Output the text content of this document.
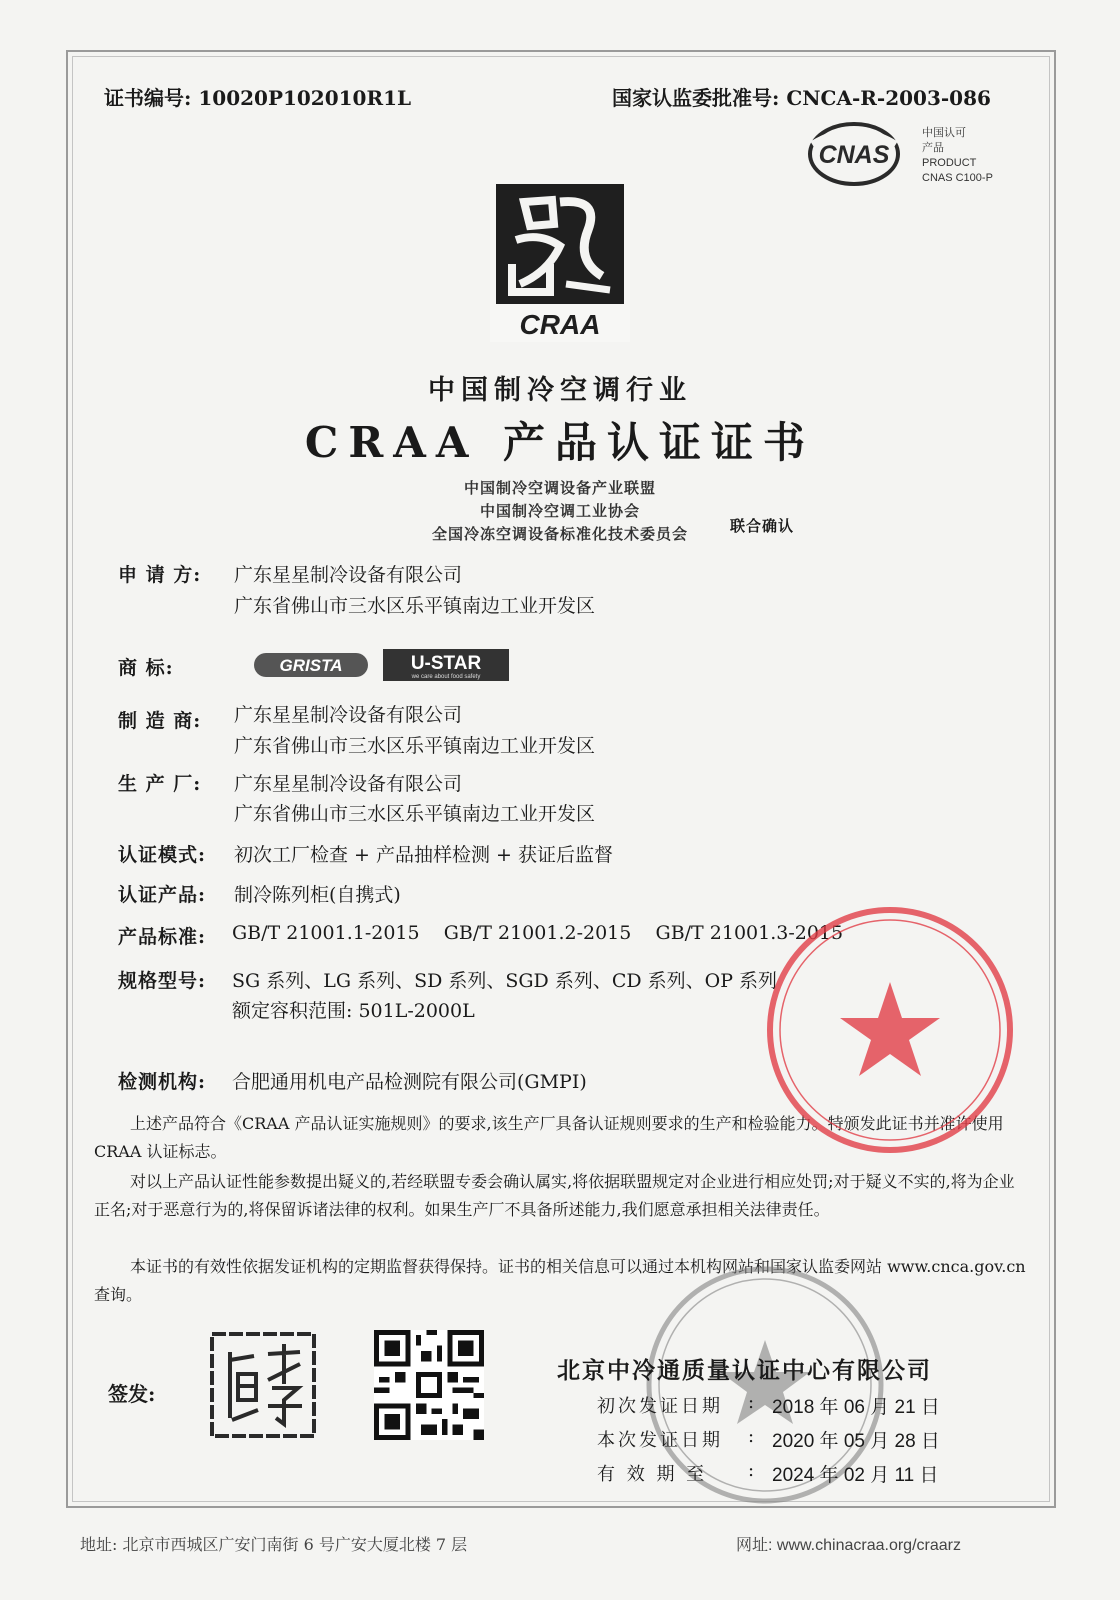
证书编号: 10020P102010R1L	国家认监委批准号: CNCA-R-2003-086
CNAS
中国认可
产品
PRODUCT
CNAS C100-P
CRAA
中国制冷空调行业
CRAA 产品认证证书
中国制冷空调设备产业联盟
中国制冷空调工业协会
全国冷冻空调设备标准化技术委员会	联合确认
申 请 方: 广东星星制冷设备有限公司
广东省佛山市三水区乐平镇南边工业开发区
商 标:	GRISTA	U-STAR
we care about food safety
制 造 商: 广东星星制冷设备有限公司
广东省佛山市三水区乐平镇南边工业开发区
生 产 厂: 广东星星制冷设备有限公司
广东省佛山市三水区乐平镇南边工业开发区
认证模式: 初次工厂检查 + 产品抽样检测 + 获证后监督
认证产品: 制冷陈列柜(自携式)
产品标准: GB/T 21001.1-2015    GB/T 21001.2-2015    GB/T 21001.3-2015
规格型号: SG 系列、LG 系列、SD 系列、SGD 系列、CD 系列、OP 系列
额定容积范围: 501L-2000L
检测机构: 合肥通用机电产品检测院有限公司(GMPI)
上述产品符合《CRAA 产品认证实施规则》的要求,该生产厂具备认证规则要求的生产和检验能力。特颁发此证书并准许使用 CRAA 认证标志。
对以上产品认证性能参数提出疑义的,若经联盟专委会确认属实,将依据联盟规定对企业进行相应处罚;对于疑义不实的,将为企业正名;对于恶意行为的,将保留诉诸法律的权利。如果生产厂不具备所述能力,我们愿意承担相关法律责任。
本证书的有效性依据发证机构的定期监督获得保持。证书的相关信息可以通过本机构网站和国家认监委网站 www.cnca.gov.cn 查询。
签发:
北京中冷通质量认证中心有限公司
初次发证日期 : 2018 年 06 月 21 日
本次发证日期 : 2020 年 05 月 28 日
有 效 期 至 : 2024 年 02 月 11 日
地址: 北京市西城区广安门南街 6 号广安大厦北楼 7 层	网址: www.chinacraa.org/craarz
